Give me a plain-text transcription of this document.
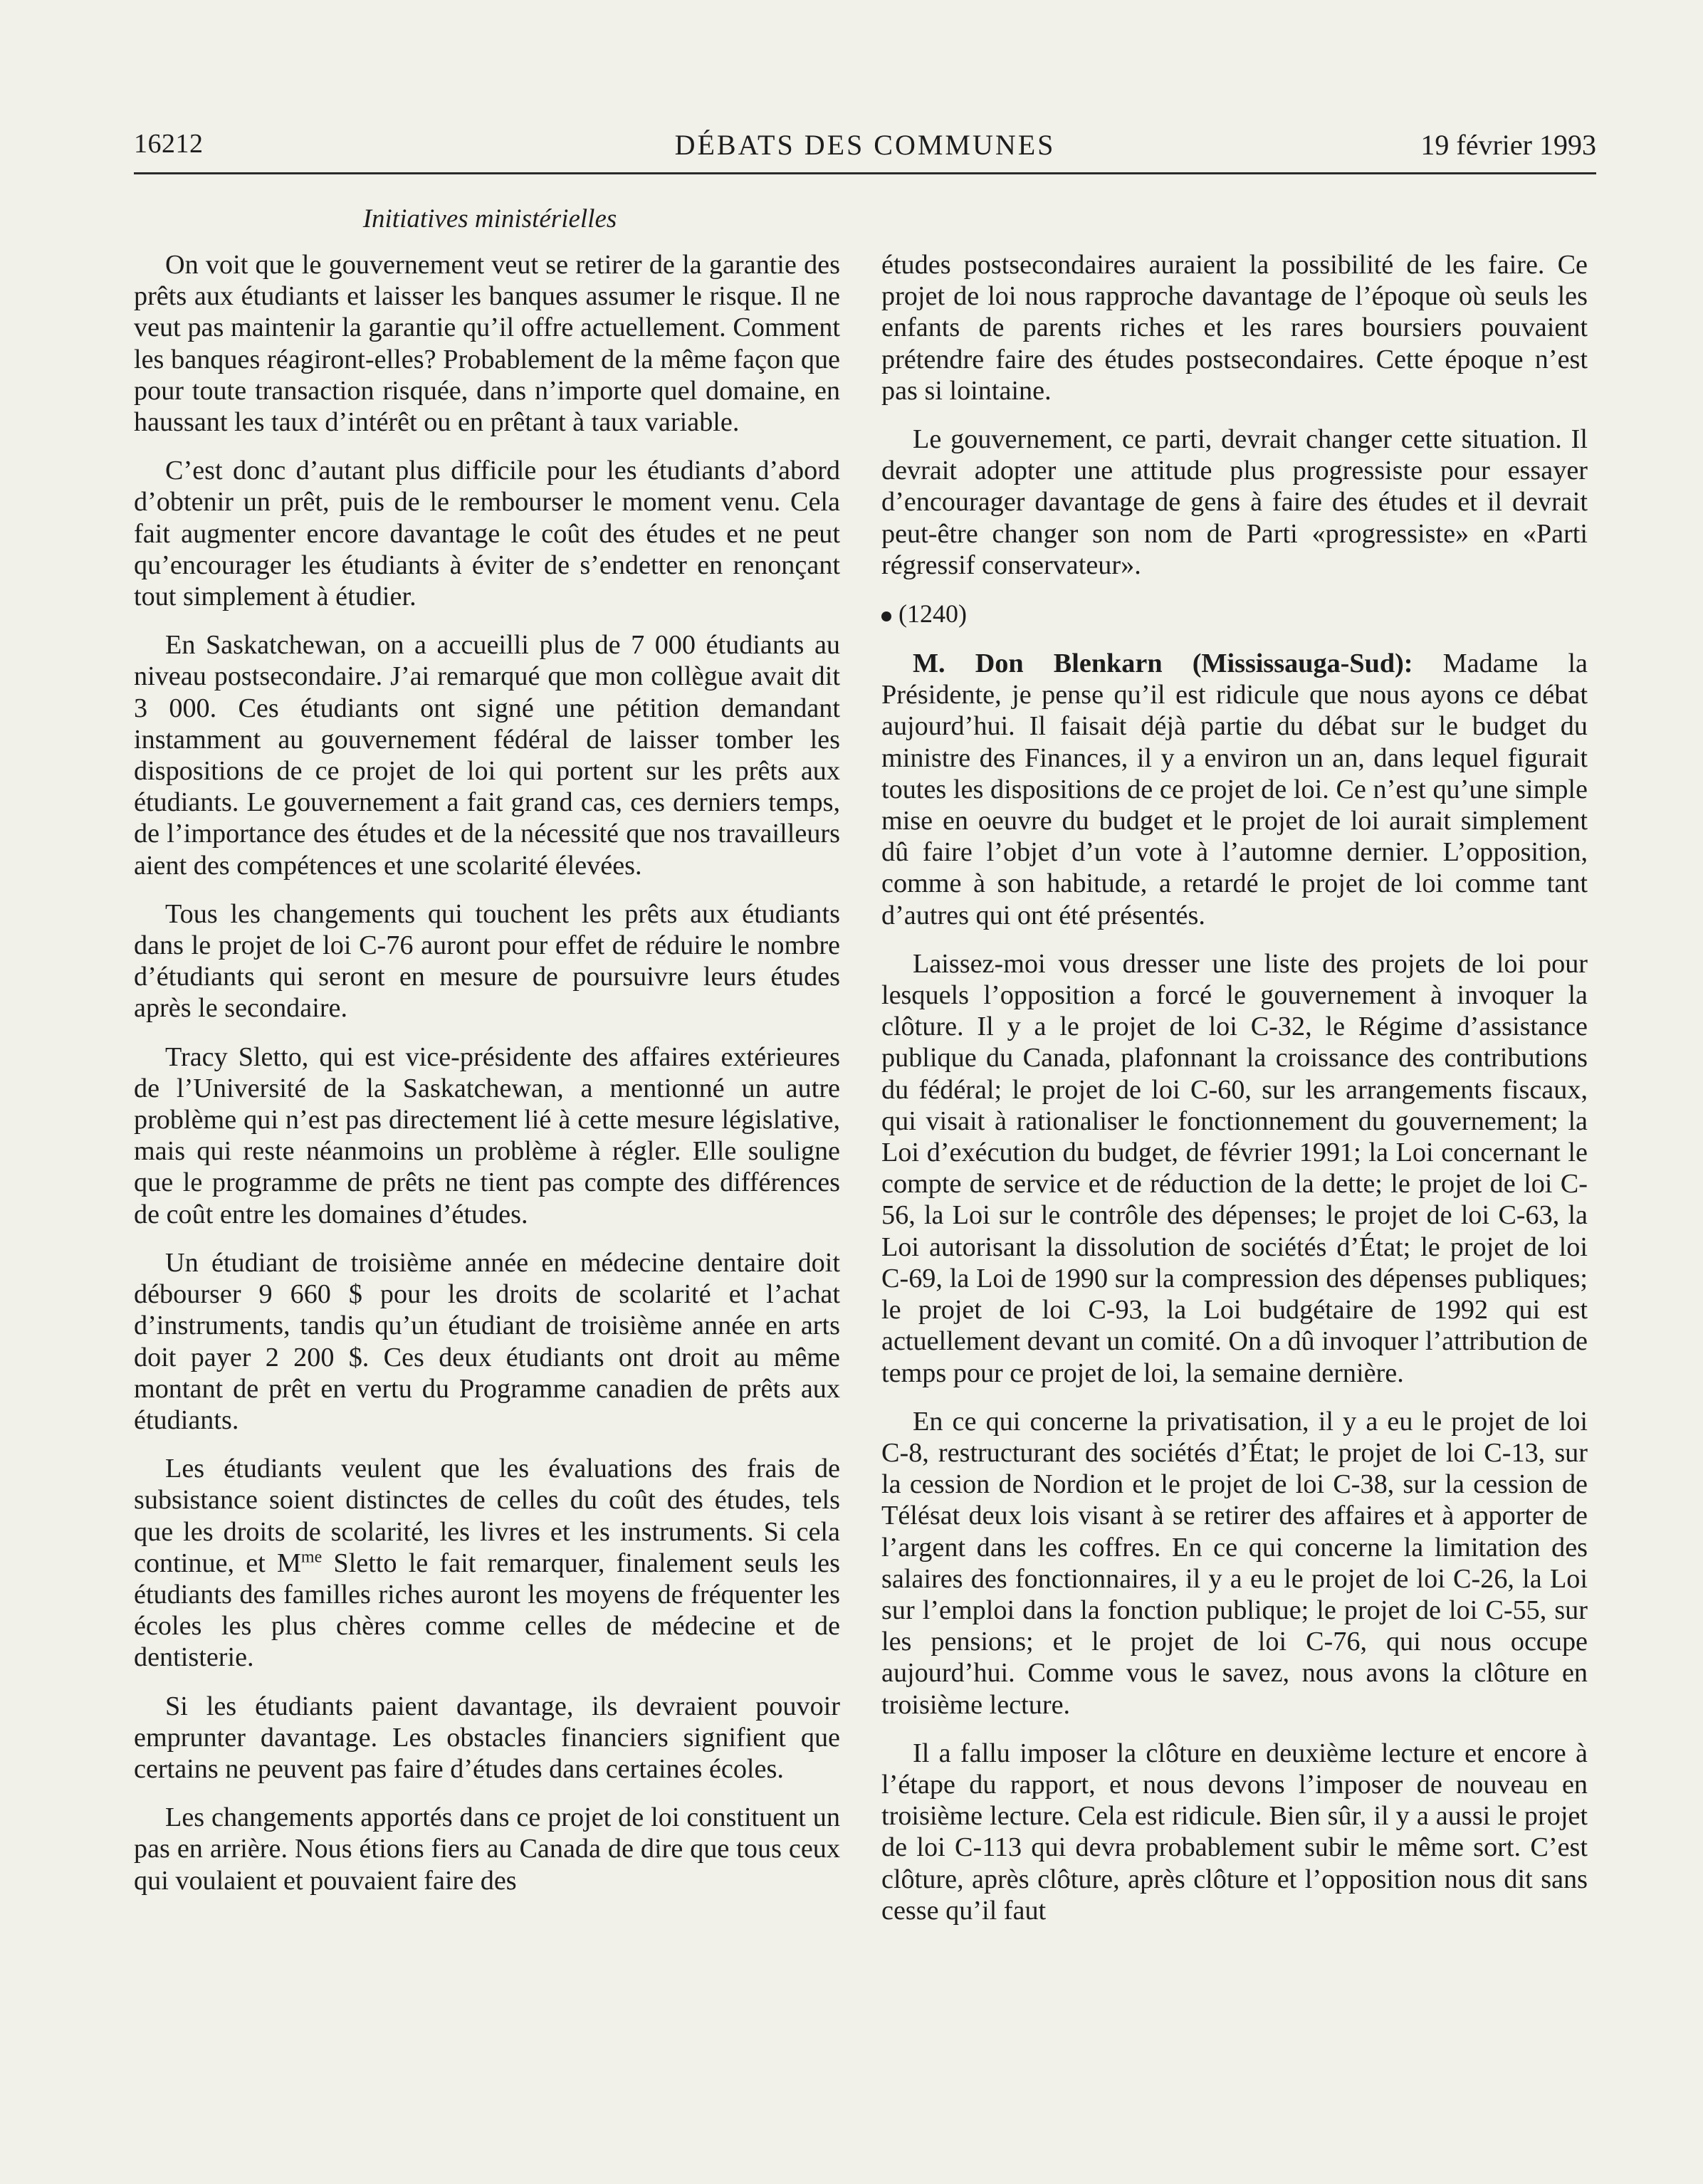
16212	DÉBATS DES COMMUNES	19 février 1993
Initiatives ministérielles

On voit que le gouvernement veut se retirer de la garantie des prêts aux étudiants et laisser les banques assumer le risque. Il ne veut pas maintenir la garantie qu’il offre actuellement. Comment les banques réagiront-elles? Probablement de la même façon que pour toute transaction risquée, dans n’importe quel domaine, en haussant les taux d’intérêt ou en prêtant à taux variable.

C’est donc d’autant plus difficile pour les étudiants d’abord d’obtenir un prêt, puis de le rembourser le moment venu. Cela fait augmenter encore davantage le coût des études et ne peut qu’encourager les étudiants à éviter de s’endetter en renonçant tout simplement à étudier.

En Saskatchewan, on a accueilli plus de 7 000 étudiants au niveau postsecondaire. J’ai remarqué que mon collègue avait dit 3 000. Ces étudiants ont signé une pétition demandant instamment au gouvernement fédéral de laisser tomber les dispositions de ce projet de loi qui portent sur les prêts aux étudiants. Le gouvernement a fait grand cas, ces derniers temps, de l’importance des études et de la nécessité que nos travailleurs aient des compétences et une scolarité élevées.

Tous les changements qui touchent les prêts aux étudiants dans le projet de loi C-76 auront pour effet de réduire le nombre d’étudiants qui seront en mesure de poursuivre leurs études après le secondaire.

Tracy Sletto, qui est vice-présidente des affaires extérieures de l’Université de la Saskatchewan, a mentionné un autre problème qui n’est pas directement lié à cette mesure législative, mais qui reste néanmoins un problème à régler. Elle souligne que le programme de prêts ne tient pas compte des différences de coût entre les domaines d’études.

Un étudiant de troisième année en médecine dentaire doit débourser 9 660 $ pour les droits de scolarité et l’achat d’instruments, tandis qu’un étudiant de troisième année en arts doit payer 2 200 $. Ces deux étudiants ont droit au même montant de prêt en vertu du Programme canadien de prêts aux étudiants.

Les étudiants veulent que les évaluations des frais de subsistance soient distinctes de celles du coût des études, tels que les droits de scolarité, les livres et les instruments. Si cela continue, et $M^{me}$ Sletto le fait remarquer, finalement seuls les étudiants des familles riches auront les moyens de fréquenter les écoles les plus chères comme celles de médecine et de dentisterie.

Si les étudiants paient davantage, ils devraient pouvoir emprunter davantage. Les obstacles financiers signifient que certains ne peuvent pas faire d’études dans certaines écoles.

Les changements apportés dans ce projet de loi constituent un pas en arrière. Nous étions fiers au Canada de dire que tous ceux qui voulaient et pouvaient faire des

études postsecondaires auraient la possibilité de les faire. Ce projet de loi nous rapproche davantage de l’époque où seuls les enfants de parents riches et les rares boursiers pouvaient prétendre faire des études postsecondaires. Cette époque n’est pas si lointaine.

Le gouvernement, ce parti, devrait changer cette situation. Il devrait adopter une attitude plus progressiste pour essayer d’encourager davantage de gens à faire des études et il devrait peut-être changer son nom de Parti «progressiste» en «Parti régressif conservateur».

(1240)

M. Don Blenkarn (Mississauga-Sud): Madame la Présidente, je pense qu’il est ridicule que nous ayons ce débat aujourd’hui. Il faisait déjà partie du débat sur le budget du ministre des Finances, il y a environ un an, dans lequel figurait toutes les dispositions de ce projet de loi. Ce n’est qu’une simple mise en oeuvre du budget et le projet de loi aurait simplement dû faire l’objet d’un vote à l’automne dernier. L’opposition, comme à son habitude, a retardé le projet de loi comme tant d’autres qui ont été présentés.

Laissez-moi vous dresser une liste des projets de loi pour lesquels l’opposition a forcé le gouvernement à invoquer la clôture. Il y a le projet de loi C-32, le Régime d’assistance publique du Canada, plafonnant la croissance des contributions du fédéral; le projet de loi C-60, sur les arrangements fiscaux, qui visait à rationaliser le fonctionnement du gouvernement; la Loi d’exécution du budget, de février 1991; la Loi concernant le compte de service et de réduction de la dette; le projet de loi C-56, la Loi sur le contrôle des dépenses; le projet de loi C-63, la Loi autorisant la dissolution de sociétés d’État; le projet de loi C-69, la Loi de 1990 sur la compression des dépenses publiques; le projet de loi C-93, la Loi budgétaire de 1992 qui est actuellement devant un comité. On a dû invoquer l’attribution de temps pour ce projet de loi, la semaine dernière.

En ce qui concerne la privatisation, il y a eu le projet de loi C-8, restructurant des sociétés d’État; le projet de loi C-13, sur la cession de Nordion et le projet de loi C-38, sur la cession de Télésat deux lois visant à se retirer des affaires et à apporter de l’argent dans les coffres. En ce qui concerne la limitation des salaires des fonctionnaires, il y a eu le projet de loi C-26, la Loi sur l’emploi dans la fonction publique; le projet de loi C-55, sur les pensions; et le projet de loi C-76, qui nous occupe aujourd’hui. Comme vous le savez, nous avons la clôture en troisième lecture.

Il a fallu imposer la clôture en deuxième lecture et encore à l’étape du rapport, et nous devons l’imposer de nouveau en troisième lecture. Cela est ridicule. Bien sûr, il y a aussi le projet de loi C-113 qui devra probablement subir le même sort. C’est clôture, après clôture, après clôture et l’opposition nous dit sans cesse qu’il faut
